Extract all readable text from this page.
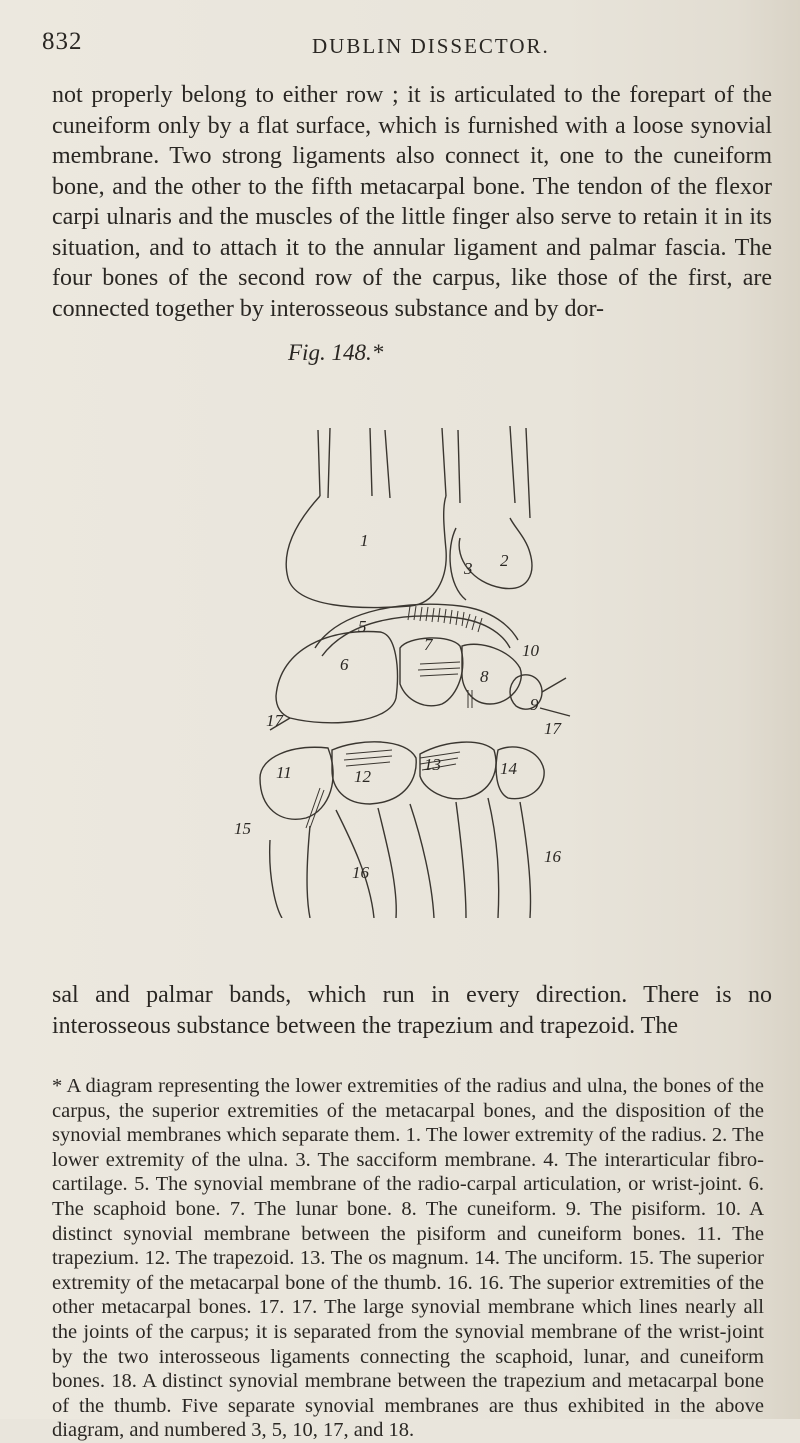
832	DUBLIN DISSECTOR.

not properly belong to either row ; it is articulated to the forepart of the cuneiform only by a flat surface, which is furnished with a loose synovial membrane. Two strong ligaments also connect it, one to the cuneiform bone, and the other to the fifth metacarpal bone. The tendon of the flexor carpi ulnaris and the muscles of the little finger also serve to retain it in its situation, and to attach it to the annular ligament and palmar fascia. The four bones of the second row of the carpus, like those of the first, are connected together by interosseous substance and by dor-

Fig. 148.*
1
2
3
5
6
7
8
9
10
11	12
13	14
15
16
16
17	17

sal and palmar bands, which run in every direction. There is no interosseous substance between the trapezium and trapezoid. The

* A diagram representing the lower extremities of the radius and ulna, the bones of the carpus, the superior extremities of the metacarpal bones, and the disposition of the synovial membranes which separate them. 1. The lower extremity of the radius. 2. The lower extremity of the ulna. 3. The sacciform membrane. 4. The interarticular fibro-cartilage. 5. The synovial membrane of the radio-carpal articulation, or wrist-joint. 6. The scaphoid bone. 7. The lunar bone. 8. The cuneiform. 9. The pisiform. 10. A distinct synovial membrane between the pisiform and cuneiform bones. 11. The trapezium. 12. The trapezoid. 13. The os magnum. 14. The unciform. 15. The superior extremity of the metacarpal bone of the thumb. 16. 16. The superior extremities of the other metacarpal bones. 17. 17. The large synovial membrane which lines nearly all the joints of the carpus; it is separated from the synovial membrane of the wrist-joint by the two interosseous ligaments connecting the scaphoid, lunar, and cuneiform bones. 18. A distinct synovial membrane between the trapezium and metacarpal bone of the thumb. Five separate synovial membranes are thus exhibited in the above diagram, and numbered 3, 5, 10, 17, and 18.
